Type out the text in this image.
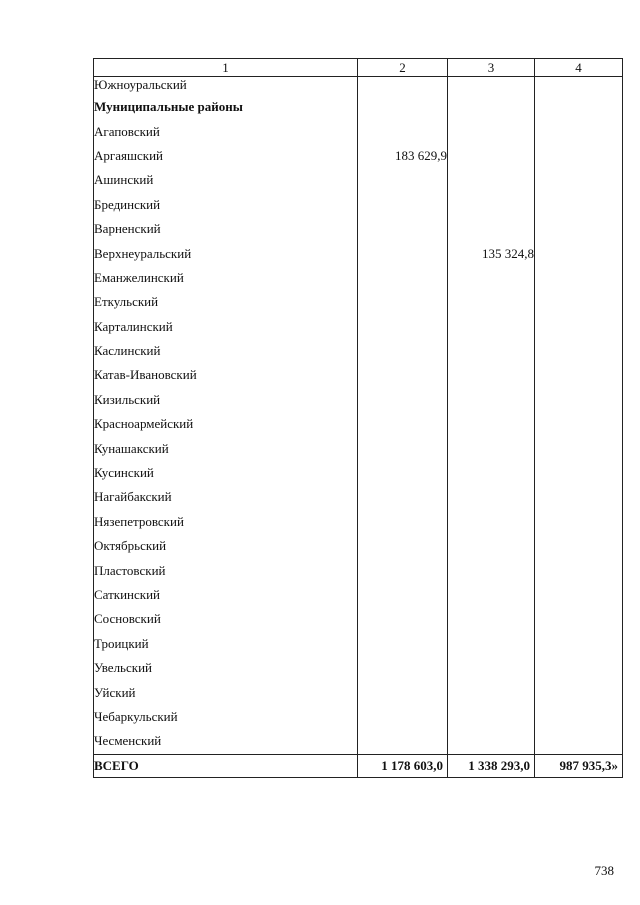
1	2	3	4
Южноуральский			
Муниципальные районы			
Агаповский			
Аргаяшский	183 629,9		
Ашинский			
Брединский			
Варненский			
Верхнеуральский		135 324,8	
Еманжелинский			
Еткульский			
Карталинский			
Каслинский			
Катав-Ивановский			
Кизильский			
Красноармейский			
Кунашакский			
Кусинский			
Нагайбакский			
Нязепетровский			
Октябрьский			
Пластовский			
Саткинский			
Сосновский			
Троицкий			
Увельский			
Уйский			
Чебаркульский			
Чесменский			
ВСЕГО	1 178 603,0	1 338 293,0	987 935,3»
738
